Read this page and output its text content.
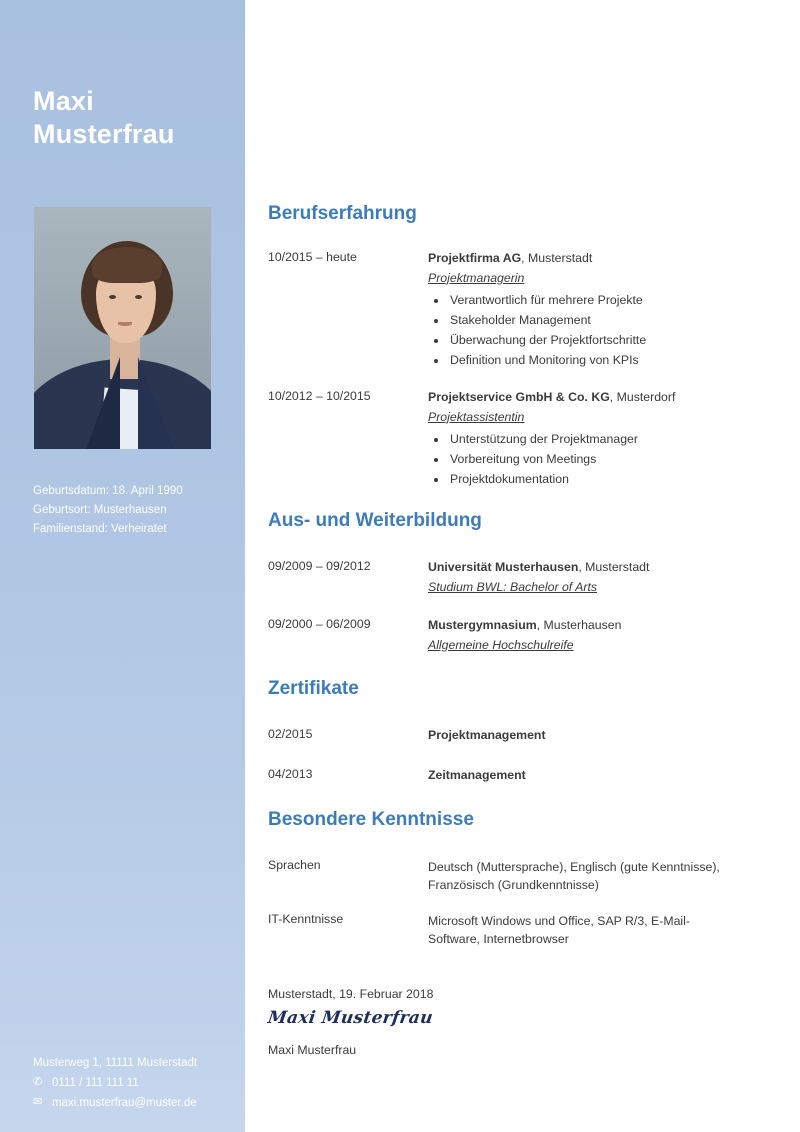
Maxi
Musterfrau
Geburtsdatum: 18. April 1990
Geburtsort: Musterhausen
Familienstand: Verheiratet
Musterweg 1, 11111 Musterstadt
✆ 0111 / 111 111 11
✉ maxi.musterfrau@muster.de
Berufserfahrung
10/2015 – heute	Projektfirma AG, Musterstadt
Projektmanagerin
• Verantwortlich für mehrere Projekte
• Stakeholder Management
• Überwachung der Projektfortschritte
• Definition und Monitoring von KPIs
10/2012 – 10/2015	Projektservice GmbH & Co. KG, Musterdorf
Projektassistentin
• Unterstützung der Projektmanager
• Vorbereitung von Meetings
• Projektdokumentation
Aus- und Weiterbildung
09/2009 – 09/2012	Universität Musterhausen, Musterstadt
Studium BWL: Bachelor of Arts
09/2000 – 06/2009	Mustergymnasium, Musterhausen
Allgemeine Hochschulreife
Zertifikate
02/2015	Projektmanagement
04/2013	Zeitmanagement
Besondere Kenntnisse
Sprachen	Deutsch (Muttersprache), Englisch (gute Kenntnisse), Französisch (Grundkenntnisse)
IT-Kenntnisse	Microsoft Windows und Office, SAP R/3, E-Mail-Software, Internetbrowser
Musterstadt, 19. Februar 2018
Maxi Musterfrau
Maxi Musterfrau
